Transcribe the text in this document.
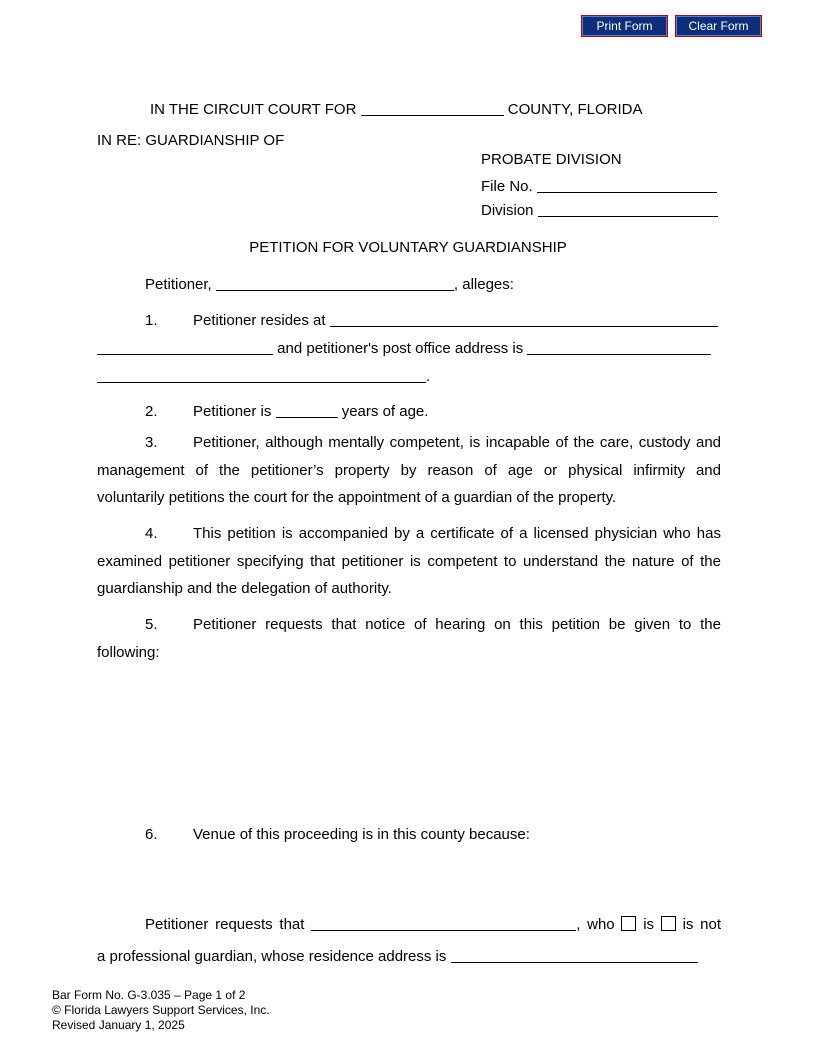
Print Form	Clear Form
IN THE CIRCUIT COURT FOR	COUNTY, FLORIDA
IN RE: GUARDIANSHIP OF
PROBATE DIVISION
File No.
Division
PETITION FOR VOLUNTARY GUARDIANSHIP
Petitioner,	, alleges:
1. Petitioner resides at
and petitioner's post office address is
.
2. Petitioner is	years of age.
3. Petitioner, although mentally competent, is incapable of the care, custody and
management of the petitioner’s property by reason of age or physical infirmity and
voluntarily petitions the court for the appointment of a guardian of the property.
4. This petition is accompanied by a certificate of a licensed physician who has
examined petitioner specifying that petitioner is competent to understand the nature of the
guardianship and the delegation of authority.
5. Petitioner requests that notice of hearing on this petition be given to the
following:
6. Venue of this proceeding is in this county because:
Petitioner requests that	, who is is not
a professional guardian, whose residence address is
Bar Form No. G-3.035 – Page 1 of 2
© Florida Lawyers Support Services, Inc.
Revised January 1, 2025
